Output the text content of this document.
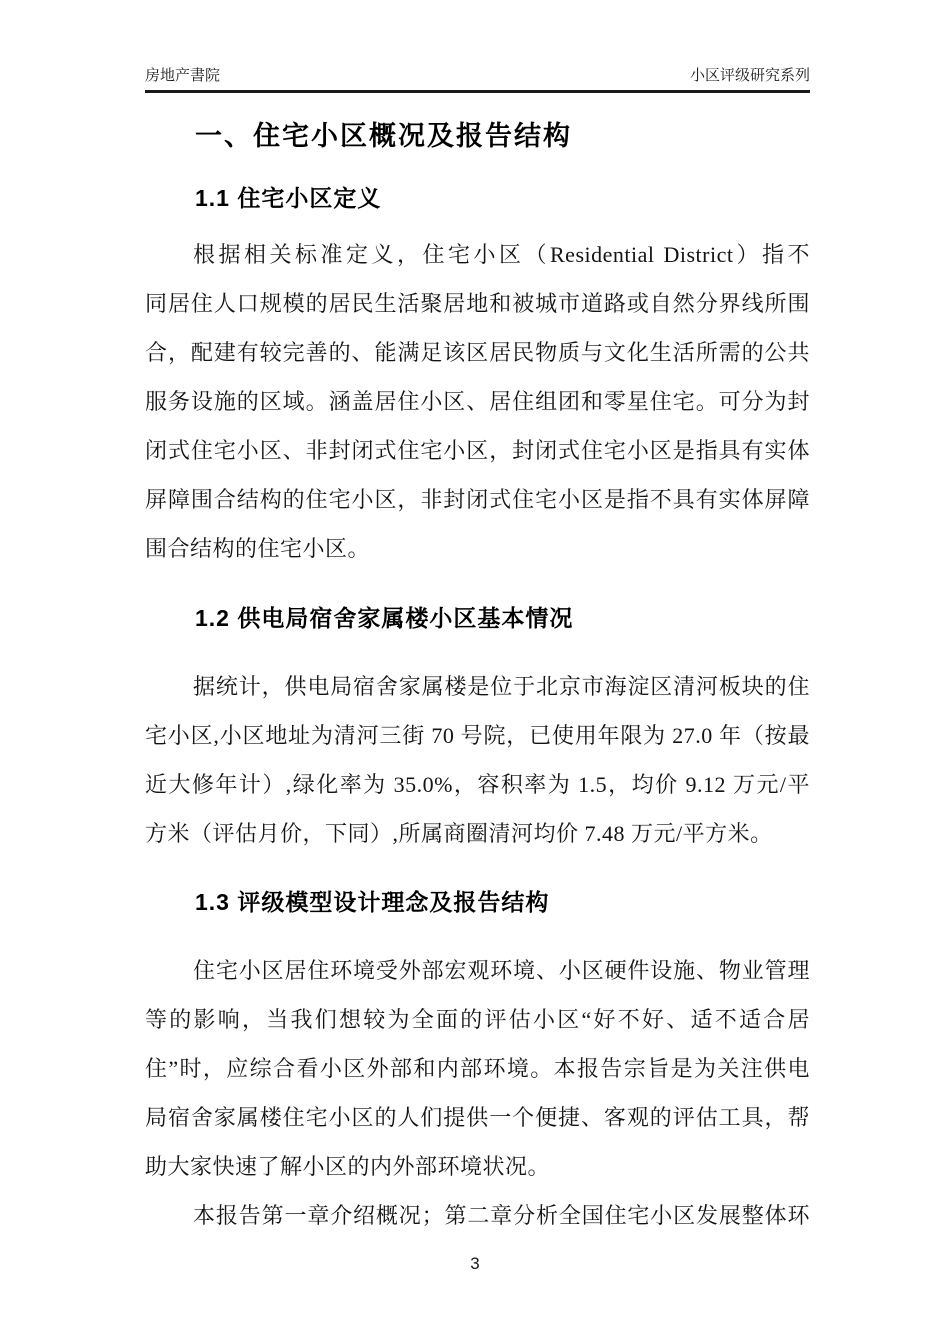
房地产書院	小区评级研究系列
一、住宅小区概况及报告结构
1.1 住宅小区定义
根据相关标准定义，住宅小区（Residential District）指不
同居住人口规模的居民生活聚居地和被城市道路或自然分界线所围
合，配建有较完善的、能满足该区居民物质与文化生活所需的公共
服务设施的区域。涵盖居住小区、居住组团和零星住宅。可分为封
闭式住宅小区、非封闭式住宅小区，封闭式住宅小区是指具有实体
屏障围合结构的住宅小区，非封闭式住宅小区是指不具有实体屏障
围合结构的住宅小区。
1.2 供电局宿舍家属楼小区基本情况
据统计，供电局宿舍家属楼是位于北京市海淀区清河板块的住
宅小区,小区地址为清河三街 70 号院，已使用年限为 27.0 年（按最
近大修年计）,绿化率为 35.0%，容积率为 1.5，均价 9.12 万元/平
方米（评估月价，下同）,所属商圈清河均价 7.48 万元/平方米。
1.3 评级模型设计理念及报告结构
住宅小区居住环境受外部宏观环境、小区硬件设施、物业管理
等的影响，当我们想较为全面的评估小区“好不好、适不适合居
住”时，应综合看小区外部和内部环境。本报告宗旨是为关注供电
局宿舍家属楼住宅小区的人们提供一个便捷、客观的评估工具，帮
助大家快速了解小区的内外部环境状况。
本报告第一章介绍概况；第二章分析全国住宅小区发展整体环
3
